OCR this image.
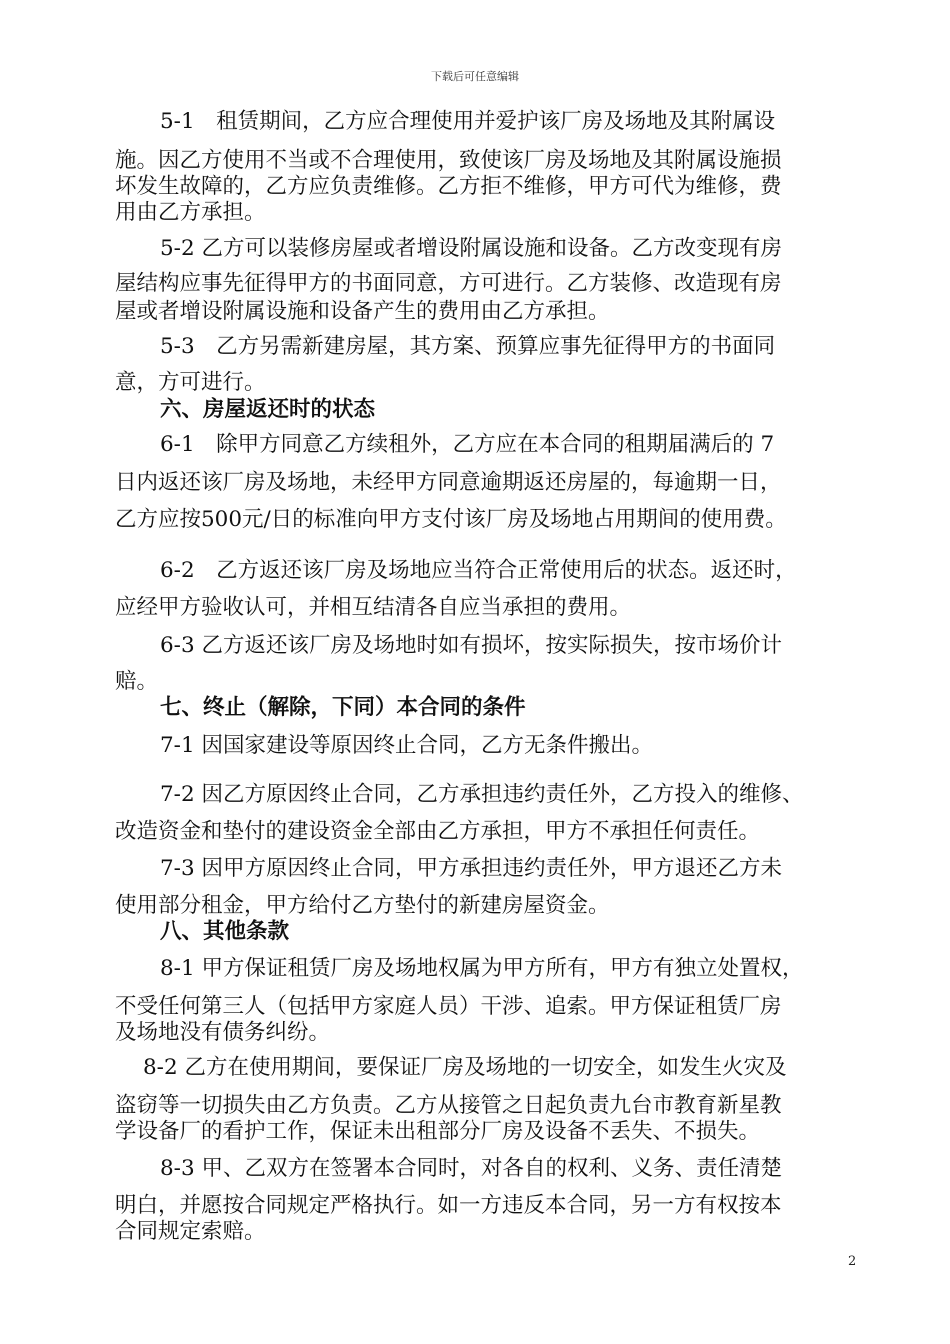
下载后可任意编辑
5-1　租赁期间，乙方应合理使用并爱护该厂房及场地及其附属设
施。因乙方使用不当或不合理使用，致使该厂房及场地及其附属设施损
坏发生故障的，乙方应负责维修。乙方拒不维修，甲方可代为维修，费
用由乙方承担。
5-2 乙方可以装修房屋或者增设附属设施和设备。乙方改变现有房
屋结构应事先征得甲方的书面同意，方可进行。乙方装修、改造现有房
屋或者增设附属设施和设备产生的费用由乙方承担。
5-3　乙方另需新建房屋，其方案、预算应事先征得甲方的书面同
意，方可进行。
六、房屋返还时的状态
6-1　除甲方同意乙方续租外，乙方应在本合同的租期届满后的 7
日内返还该厂房及场地，未经甲方同意逾期返还房屋的，每逾期一日，
乙方应按500元/日的标准向甲方支付该厂房及场地占用期间的使用费。
6-2　乙方返还该厂房及场地应当符合正常使用后的状态。返还时，
应经甲方验收认可，并相互结清各自应当承担的费用。
6-3 乙方返还该厂房及场地时如有损坏，按实际损失，按市场价计
赔。
七、终止（解除，下同）本合同的条件
7-1 因国家建设等原因终止合同，乙方无条件搬出。
7-2 因乙方原因终止合同，乙方承担违约责任外，乙方投入的维修、
改造资金和垫付的建设资金全部由乙方承担，甲方不承担任何责任。
7-3 因甲方原因终止合同，甲方承担违约责任外，甲方退还乙方未
使用部分租金，甲方给付乙方垫付的新建房屋资金。
八、其他条款
8-1 甲方保证租赁厂房及场地权属为甲方所有，甲方有独立处置权，
不受任何第三人（包括甲方家庭人员）干涉、追索。甲方保证租赁厂房
及场地没有债务纠纷。
8-2 乙方在使用期间，要保证厂房及场地的一切安全，如发生火灾及
盗窃等一切损失由乙方负责。乙方从接管之日起负责九台市教育新星教
学设备厂的看护工作，保证未出租部分厂房及设备不丢失、不损失。
8-3 甲、乙双方在签署本合同时，对各自的权利、义务、责任清楚
明白，并愿按合同规定严格执行。如一方违反本合同，另一方有权按本
合同规定索赔。
2
